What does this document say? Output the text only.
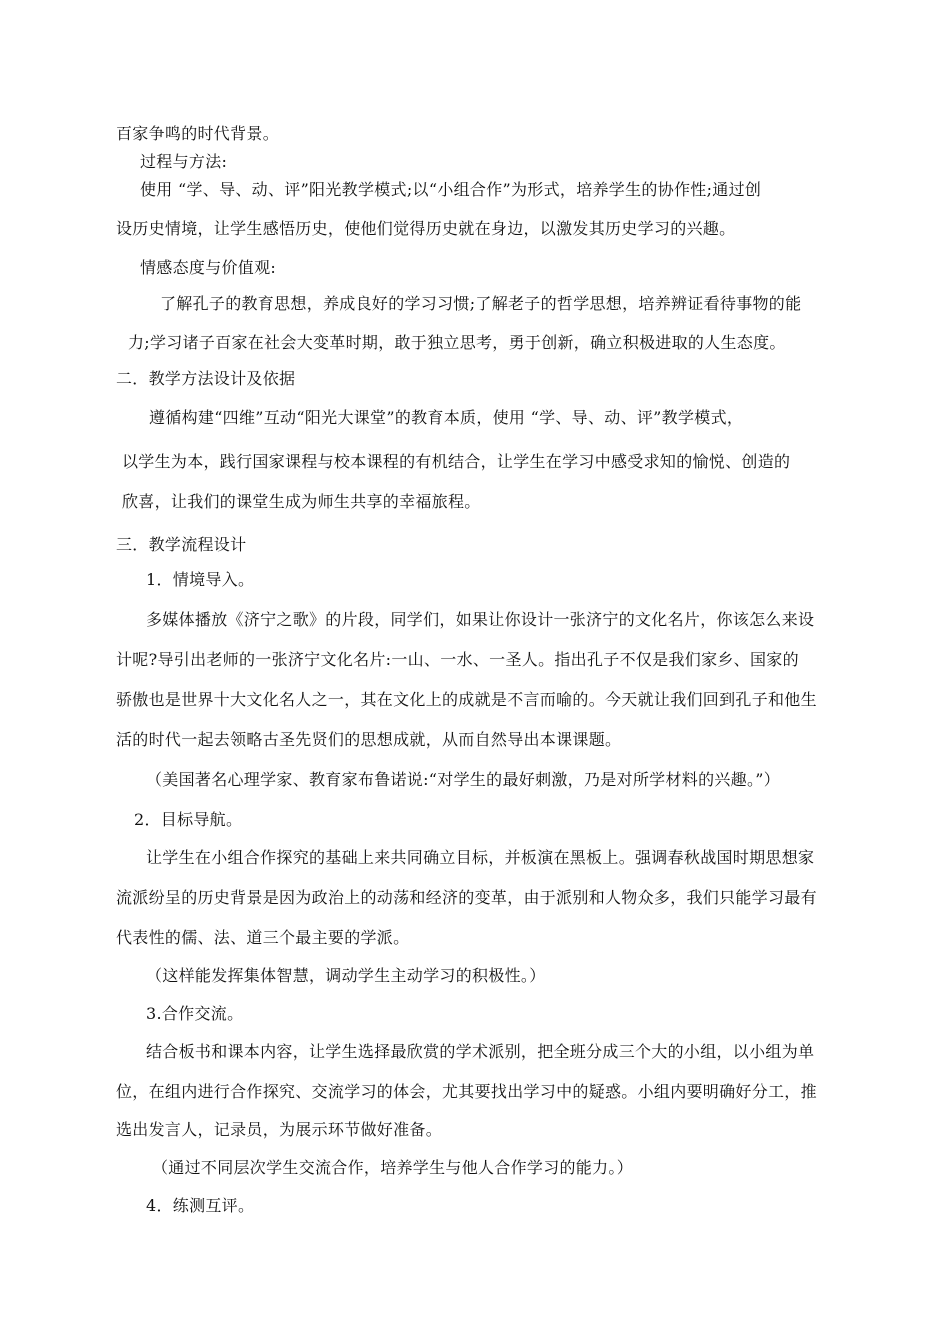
百家争鸣的时代背景。
过程与方法:
使用 “学、导、动、评”阳光教学模式;以“小组合作”为形式，培养学生的协作性;通过创
设历史情境，让学生感悟历史，使他们觉得历史就在身边，以激发其历史学习的兴趣。
情感态度与价值观:
了解孔子的教育思想，养成良好的学习习惯;了解老子的哲学思想，培养辨证看待事物的能
力;学习诸子百家在社会大变革时期，敢于独立思考，勇于创新，确立积极进取的人生态度。
二．教学方法设计及依据
遵循构建“四维”互动“阳光大课堂”的教育本质，使用 “学、导、动、评”教学模式，
以学生为本，践行国家课程与校本课程的有机结合，让学生在学习中感受求知的愉悦、创造的
欣喜，让我们的课堂生成为师生共享的幸福旅程。
三．教学流程设计
1．情境导入。
多媒体播放《济宁之歌》的片段，同学们，如果让你设计一张济宁的文化名片，你该怎么来设
计呢?导引出老师的一张济宁文化名片:一山、一水、一圣人。指出孔子不仅是我们家乡、国家的
骄傲也是世界十大文化名人之一，其在文化上的成就是不言而喻的。今天就让我们回到孔子和他生
活的时代一起去领略古圣先贤们的思想成就，从而自然导出本课课题。
（美国著名心理学家、教育家布鲁诺说:“对学生的最好刺激，乃是对所学材料的兴趣。”）
2．目标导航。
让学生在小组合作探究的基础上来共同确立目标，并板演在黑板上。强调春秋战国时期思想家
流派纷呈的历史背景是因为政治上的动荡和经济的变革，由于派别和人物众多，我们只能学习最有
代表性的儒、法、道三个最主要的学派。
（这样能发挥集体智慧，调动学生主动学习的积极性。）
3.合作交流。
结合板书和课本内容，让学生选择最欣赏的学术派别，把全班分成三个大的小组，以小组为单
位，在组内进行合作探究、交流学习的体会，尤其要找出学习中的疑惑。小组内要明确好分工，推
选出发言人，记录员，为展示环节做好准备。
（通过不同层次学生交流合作，培养学生与他人合作学习的能力。）
4．练测互评。
